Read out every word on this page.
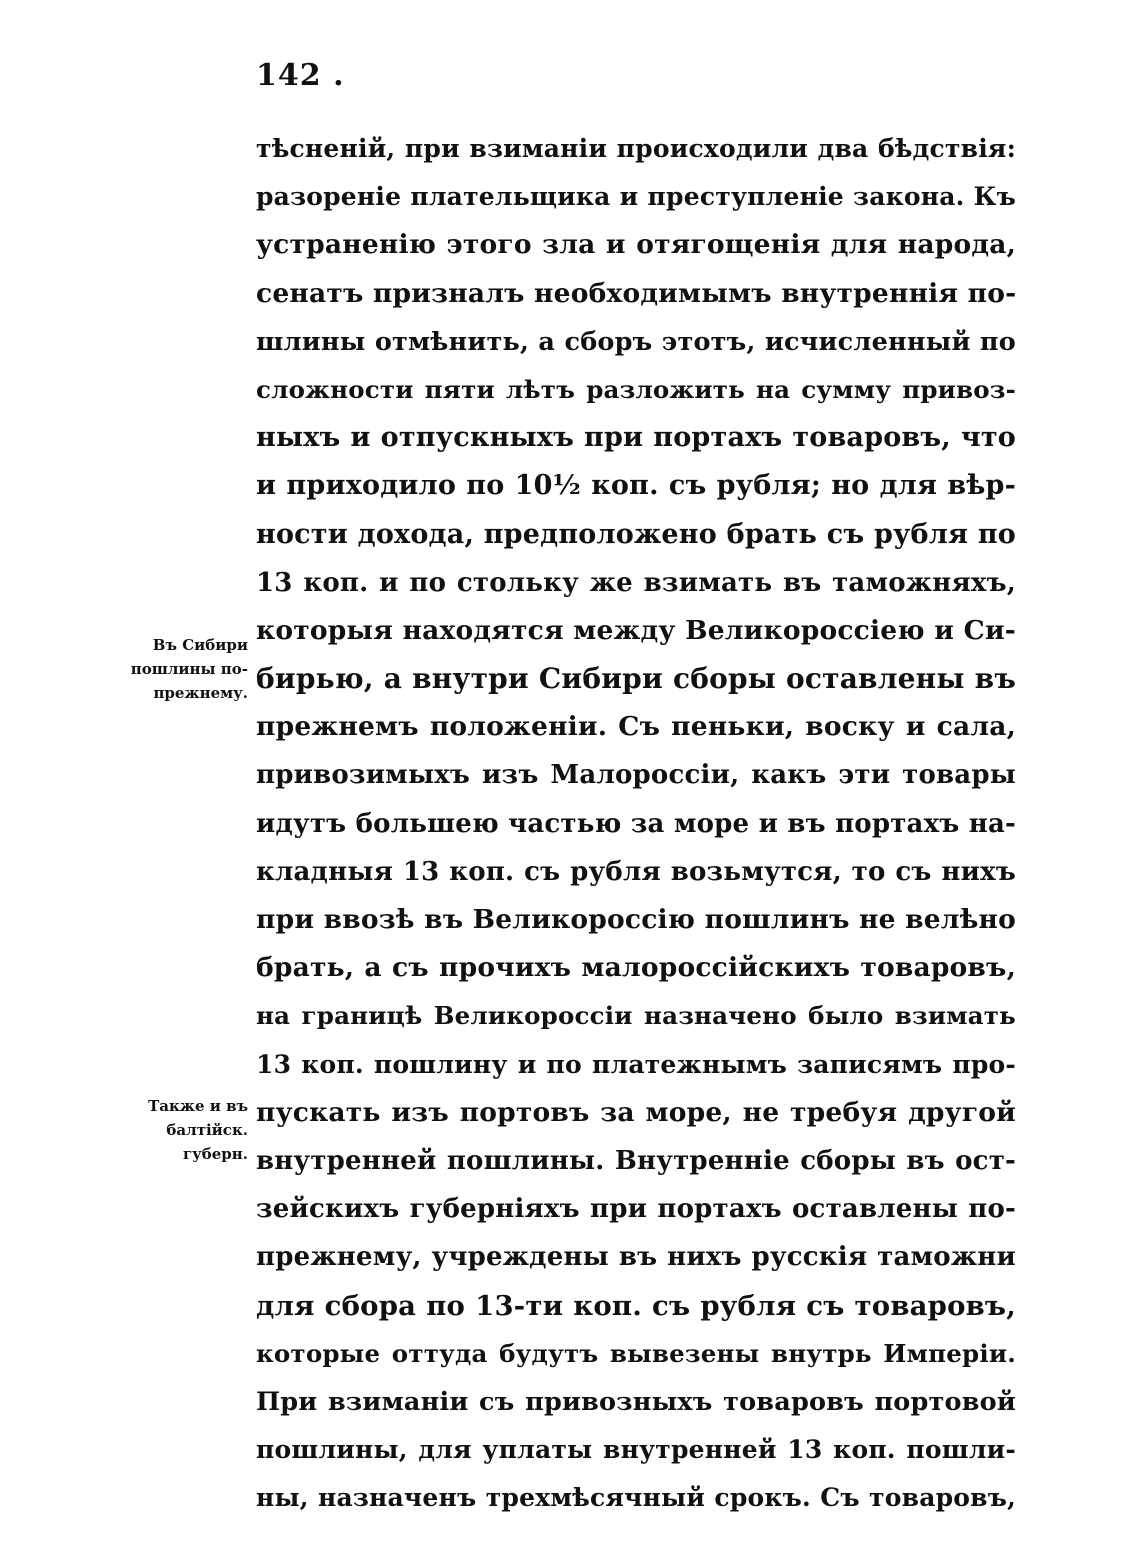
142 .
Въ Сибири
пошлины по-
прежнему.
Также и въ
балтійск.
губерн.
тѣсненій, при взиманіи происходили два бѣдствія:
разореніе плательщика и преступленіе закона. Къ
устраненію этого зла и отягощенія для народа,
сенатъ призналъ необходимымъ внутреннія по-
шлины отмѣнить, а сборъ этотъ, исчисленный по
сложности пяти лѣтъ разложить на сумму привоз-
ныхъ и отпускныхъ при портахъ товаровъ, что
и приходило по 10½ коп. съ рубля; но для вѣр-
ности дохода, предположено брать съ рубля по
13 коп. и по стольку же взимать въ таможняхъ,
которыя находятся между Великороссіею и Си-
бирью, а внутри Сибири сборы оставлены въ
прежнемъ положеніи. Съ пеньки, воску и сала,
привозимыхъ изъ Малороссіи, какъ эти товары
идутъ большею частью за море и въ портахъ на-
кладныя 13 коп. съ рубля возьмутся, то съ нихъ
при ввозѣ въ Великороссію пошлинъ не велѣно
брать, а съ прочихъ малороссійскихъ товаровъ,
на границѣ Великороссіи назначено было взимать
13 коп. пошлину и по платежнымъ записямъ про-
пускать изъ портовъ за море, не требуя другой
внутренней пошлины. Внутренніе сборы въ ост-
зейскихъ губерніяхъ при портахъ оставлены по-
прежнему, учреждены въ нихъ русскія таможни
для сбора по 13-ти коп. съ рубля съ товаровъ,
которые оттуда будутъ вывезены внутрь Имперіи.
При взиманіи съ привозныхъ товаровъ портовой
пошлины, для уплаты внутренней 13 коп. пошли-
ны, назначенъ трехмѣсячный срокъ. Съ товаровъ,
